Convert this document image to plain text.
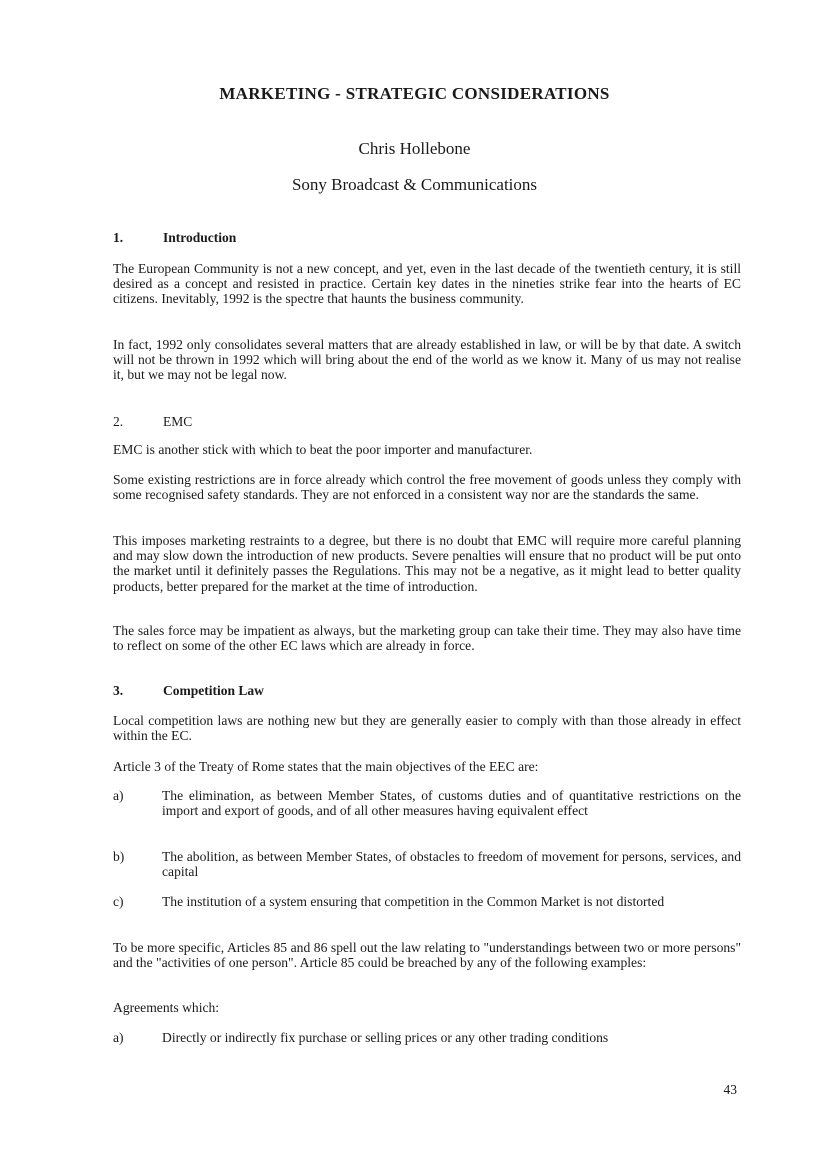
MARKETING - STRATEGIC CONSIDERATIONS
Chris Hollebone
Sony Broadcast & Communications
1.	Introduction
The European Community is not a new concept, and yet, even in the last decade of the twentieth century, it is still desired as a concept and resisted in practice. Certain key dates in the nineties strike fear into the hearts of EC citizens. Inevitably, 1992 is the spectre that haunts the business community.
In fact, 1992 only consolidates several matters that are already established in law, or will be by that date. A switch will not be thrown in 1992 which will bring about the end of the world as we know it. Many of us may not realise it, but we may not be legal now.
2.	EMC
EMC is another stick with which to beat the poor importer and manufacturer.
Some existing restrictions are in force already which control the free movement of goods unless they comply with some recognised safety standards. They are not enforced in a consistent way nor are the standards the same.
This imposes marketing restraints to a degree, but there is no doubt that EMC will require more careful planning and may slow down the introduction of new products. Severe penalties will ensure that no product will be put onto the market until it definitely passes the Regulations. This may not be a negative, as it might lead to better quality products, better prepared for the market at the time of introduction.
The sales force may be impatient as always, but the marketing group can take their time. They may also have time to reflect on some of the other EC laws which are already in force.
3.	Competition Law
Local competition laws are nothing new but they are generally easier to comply with than those already in effect within the EC.
Article 3 of the Treaty of Rome states that the main objectives of the EEC are:
a)	The elimination, as between Member States, of customs duties and of quantitative restrictions on the import and export of goods, and of all other measures having equivalent effect
b)	The abolition, as between Member States, of obstacles to freedom of movement for persons, services, and capital
c)	The institution of a system ensuring that competition in the Common Market is not distorted
To be more specific, Articles 85 and 86 spell out the law relating to "understandings between two or more persons" and the "activities of one person". Article 85 could be breached by any of the following examples:
Agreements which:
a)	Directly or indirectly fix purchase or selling prices or any other trading conditions
43
